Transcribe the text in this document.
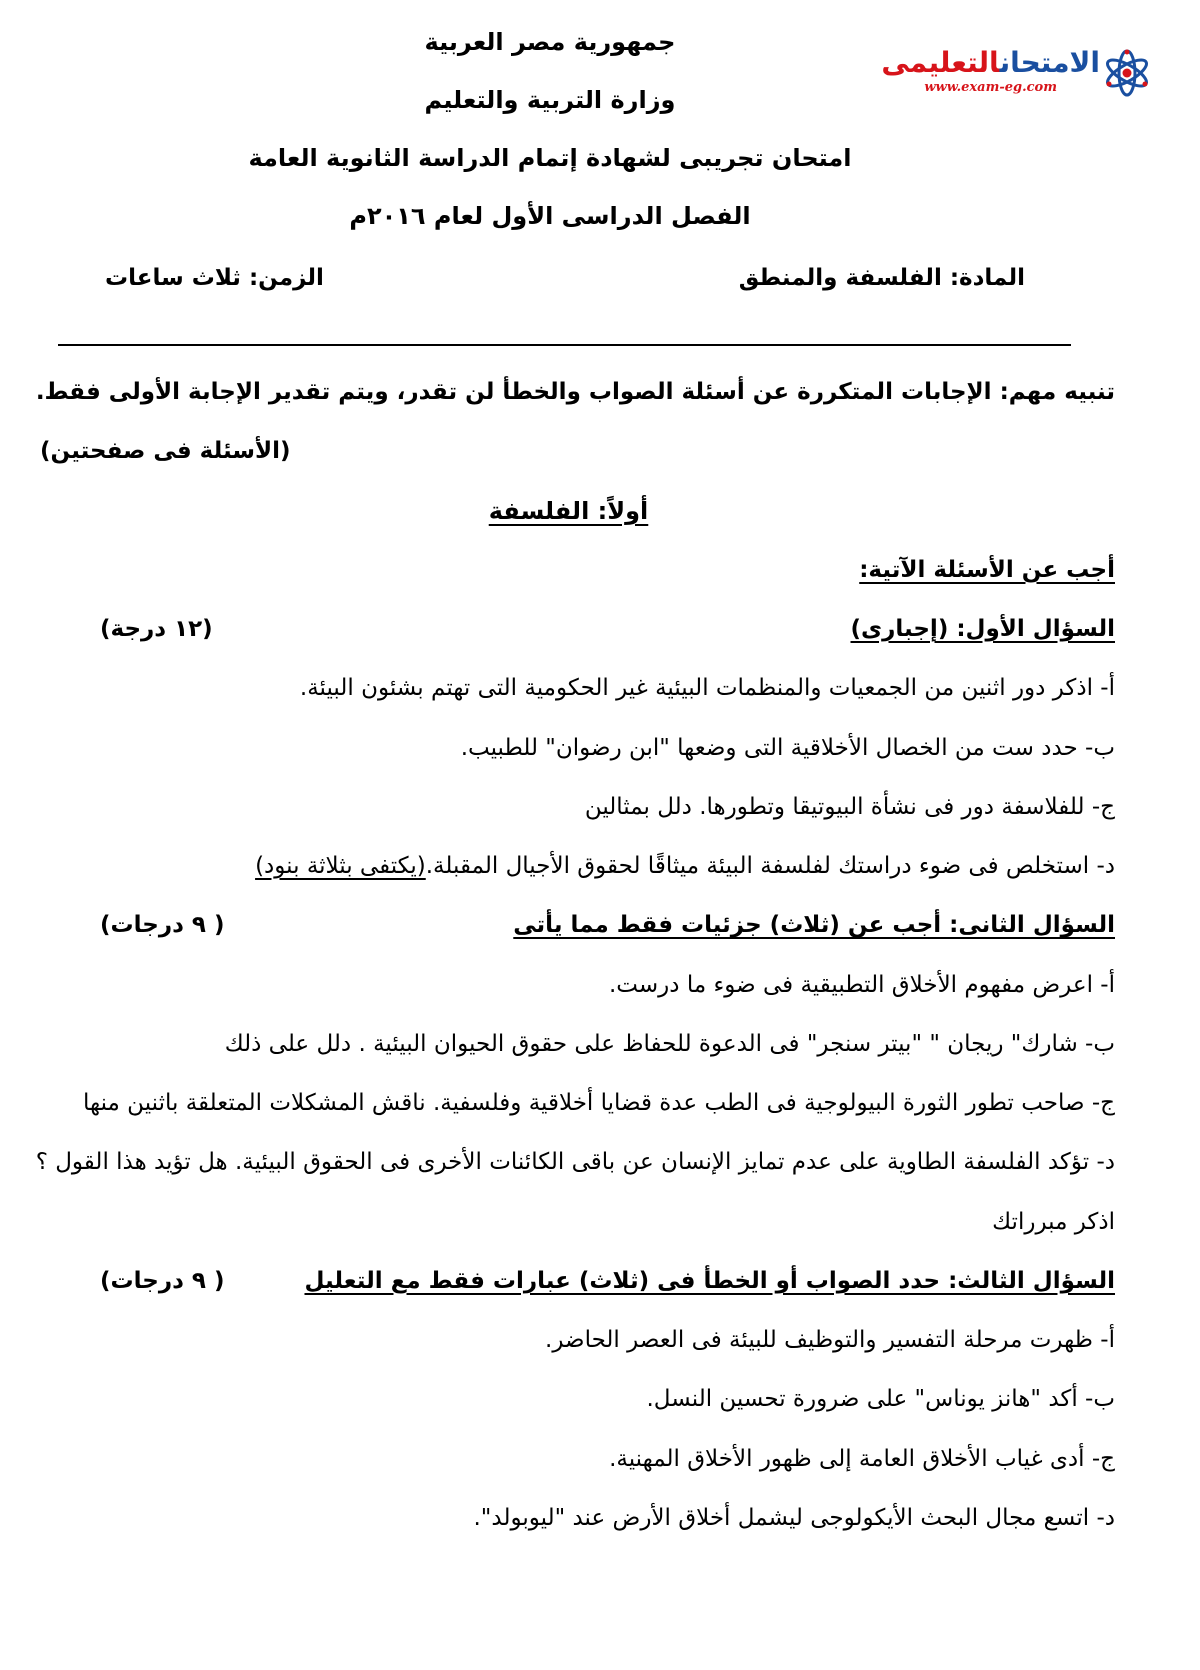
الامتحانالتعليمى
www.exam-eg.com
جمهورية مصر العربية
وزارة التربية والتعليم
امتحان تجريبى لشهادة إتمام الدراسة الثانوية العامة
الفصل الدراسى الأول لعام ٢٠١٦م
المادة: الفلسفة والمنطق
الزمن: ثلاث ساعات
تنبيه مهم: الإجابات المتكررة عن أسئلة الصواب والخطأ لن تقدر، ويتم تقدير الإجابة الأولى فقط.
(الأسئلة فى صفحتين)
أولاً: الفلسفة
أجب عن الأسئلة الآتية:
السؤال الأول: (إجبارى)
(١٢ درجة)
أ- اذكر دور اثنين من الجمعيات والمنظمات البيئية غير الحكومية التى تهتم بشئون البيئة.
ب- حدد ست من الخصال الأخلاقية التى وضعها "ابن رضوان" للطبيب.
ج- للفلاسفة دور فى نشأة البيوتيقا وتطورها. دلل بمثالين
د- استخلص فى ضوء دراستك لفلسفة البيئة ميثاقًا لحقوق الأجيال المقبلة.(يكتفى بثلاثة بنود)
السؤال الثانى: أجب عن (ثلاث) جزئيات فقط مما يأتى
( ٩ درجات)
أ- اعرض مفهوم الأخلاق التطبيقية فى ضوء ما درست.
ب- شارك" ريجان " "بيتر سنجر" فى الدعوة للحفاظ على حقوق الحيوان البيئية . دلل على ذلك
ج- صاحب تطور الثورة البيولوجية فى الطب عدة قضايا أخلاقية وفلسفية. ناقش المشكلات المتعلقة باثنين منها
د- تؤكد الفلسفة الطاوية على عدم تمايز الإنسان عن باقى الكائنات الأخرى فى الحقوق البيئية. هل تؤيد هذا القول ؟ اذكر مبرراتك
السؤال الثالث: حدد الصواب أو الخطأ فى (ثلاث) عبارات فقط مع التعليل
( ٩ درجات)
أ- ظهرت مرحلة التفسير والتوظيف للبيئة فى العصر الحاضر.
ب- أكد "هانز يوناس" على ضرورة تحسين النسل.
ج- أدى غياب الأخلاق العامة إلى ظهور الأخلاق المهنية.
د- اتسع مجال البحث الأيكولوجى ليشمل أخلاق الأرض عند "ليوبولد".
